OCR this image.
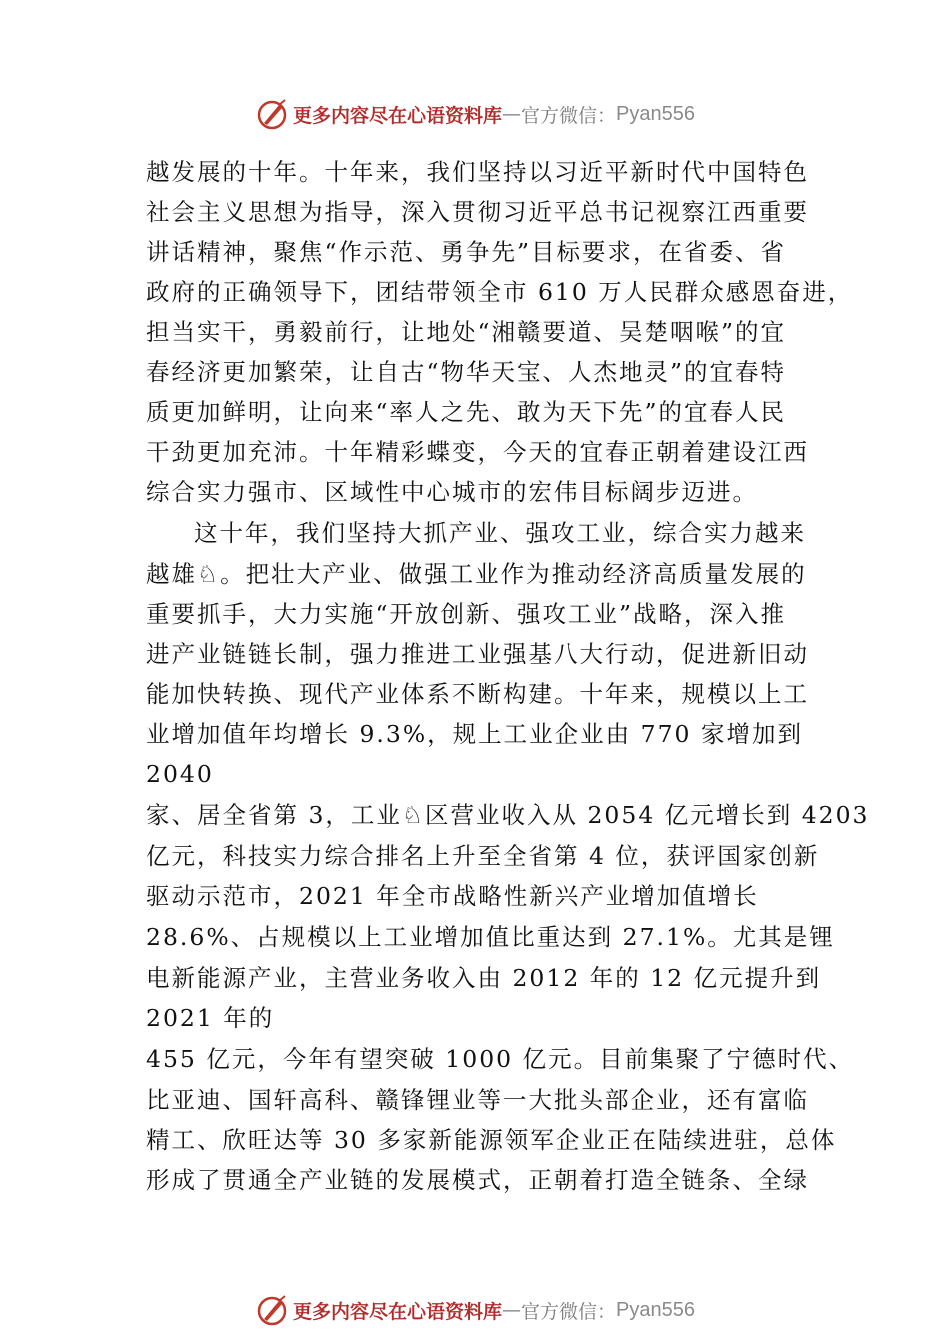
更多内容尽在心语资料库 — 官方微信： Pyan556
越发展的十年。十年来，我们坚持以习近平新时代中国特色
社会主义思想为指导，深入贯彻习近平总书记视察江西重要
讲话精神，聚焦“作示范、勇争先”目标要求，在省委、省
政府的正确领导下，团结带领全市 610 万人民群众感恩奋进，
担当实干，勇毅前行，让地处“湘赣要道、吴楚咽喉”的宜
春经济更加繁荣，让自古“物华天宝、人杰地灵”的宜春特
质更加鲜明，让向来“率人之先、敢为天下先”的宜春人民
干劲更加充沛。十年精彩蝶变，今天的宜春正朝着建设江西
综合实力强市、区域性中心城市的宏伟目标阔步迈进。
这十年，我们坚持大抓产业、强攻工业，综合实力越来
越雄♘。把壮大产业、做强工业作为推动经济高质量发展的
重要抓手，大力实施“开放创新、强攻工业”战略，深入推
进产业链链长制，强力推进工业强基八大行动，促进新旧动
能加快转换、现代产业体系不断构建。十年来，规模以上工
业增加值年均增长 9.3%，规上工业企业由 770 家增加到
2040
家、居全省第 3，工业♘区营业收入从 2054 亿元增长到 4203
亿元，科技实力综合排名上升至全省第 4 位，获评国家创新
驱动示范市，2021 年全市战略性新兴产业增加值增长
28.6%、占规模以上工业增加值比重达到 27.1%。尤其是锂
电新能源产业，主营业务收入由 2012 年的 12 亿元提升到
2021 年的
455 亿元，今年有望突破 1000 亿元。目前集聚了宁德时代、
比亚迪、国轩高科、赣锋锂业等一大批头部企业，还有富临
精工、欣旺达等 30 多家新能源领军企业正在陆续进驻，总体
形成了贯通全产业链的发展模式，正朝着打造全链条、全绿
更多内容尽在心语资料库 — 官方微信： Pyan556
